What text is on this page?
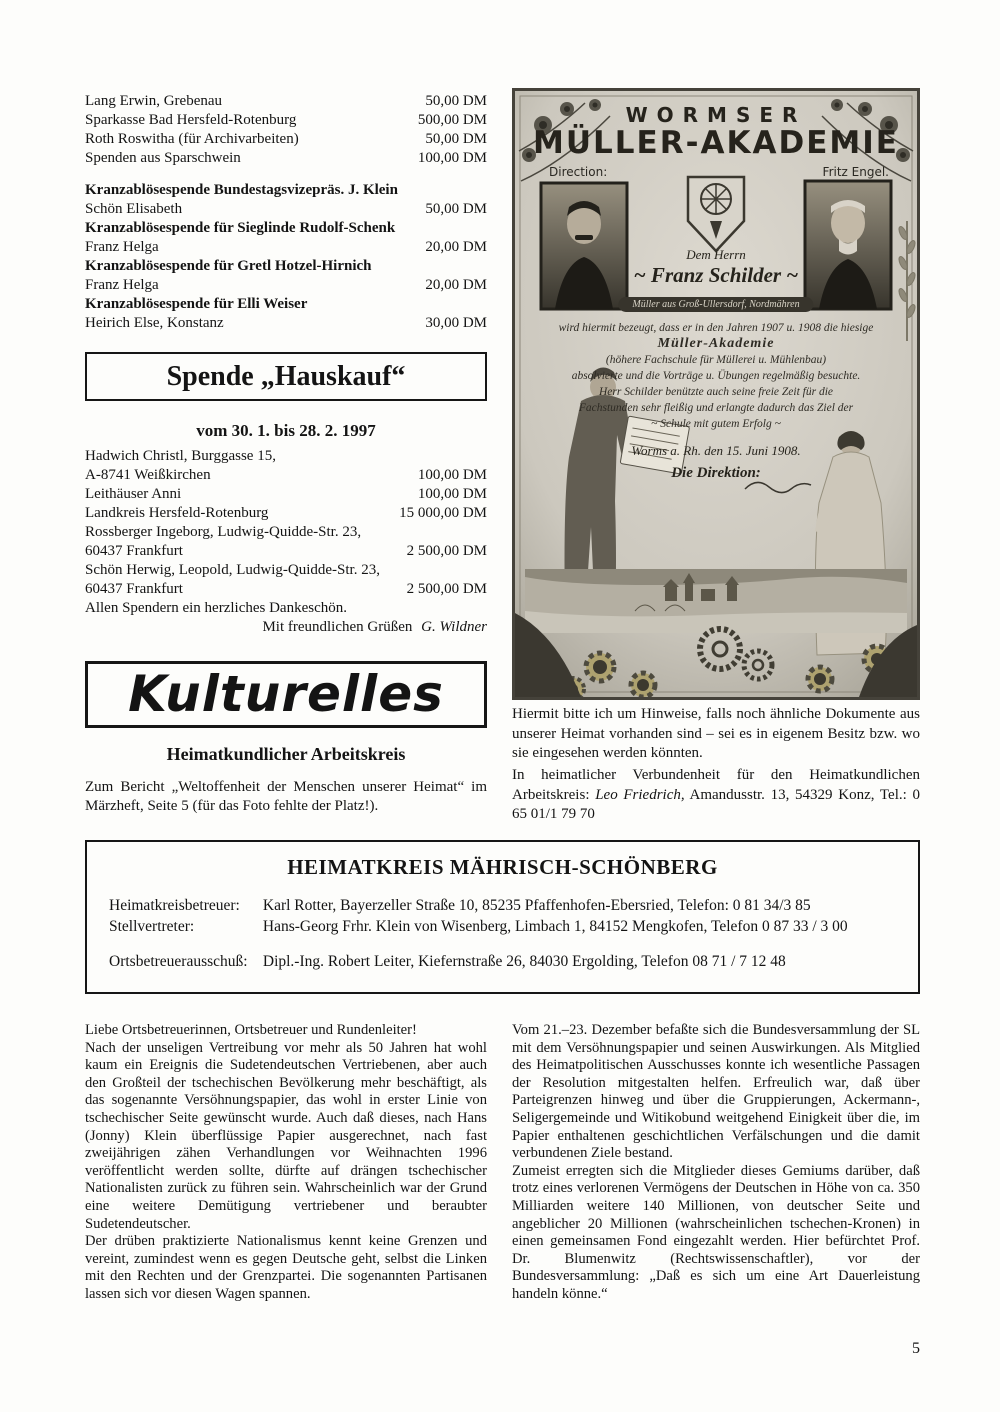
Lang Erwin, Grebenau	50,00 DM
Sparkasse Bad Hersfeld-Rotenburg	500,00 DM
Roth Roswitha (für Archivarbeiten)	50,00 DM
Spenden aus Sparschwein	100,00 DM
Kranzablösespende Bundestagsvizepräs. J. Klein
Schön Elisabeth	50,00 DM
Kranzablösespende für Sieglinde Rudolf-Schenk
Franz Helga	20,00 DM
Kranzablösespende für Gretl Hotzel-Hirnich
Franz Helga	20,00 DM
Kranzablösespende für Elli Weiser
Heirich Else, Konstanz	30,00 DM
Spende „Hauskauf“
vom 30. 1. bis 28. 2. 1997
Hadwich Christl, Burggasse 15,
A-8741 Weißkirchen	100,00 DM
Leithäuser Anni	100,00 DM
Landkreis Hersfeld-Rotenburg	15 000,00 DM
Rossberger Ingeborg, Ludwig-Quidde-Str. 23,
60437 Frankfurt	2 500,00 DM
Schön Herwig, Leopold, Ludwig-Quidde-Str. 23,
60437 Frankfurt	2 500,00 DM
Allen Spendern ein herzliches Dankeschön.
Mit freundlichen Grüßen G. Wildner
Kulturelles
Heimatkundlicher Arbeitskreis
Zum Bericht „Weltoffenheit der Menschen unserer Heimat“ im Märzheft, Seite 5 (für das Foto fehlte der Platz!).
WORMSER
MÜLLER-AKADEMIE
Direction:	Fritz Engel.
Dem Herrn
~ Franz Schilder ~
Müller aus Groß-Ullersdorf, Nordmähren
wird hiermit bezeugt, dass er in den Jahren 1907 u. 1908 die hiesige
Müller-Akademie
(höhere Fachschule für Müllerei u. Mühlenbau)
absolvierte und die Vorträge u. Übungen regelmäßig besuchte.
Herr Schilder benützte auch seine freie Zeit für die
Fachstunden sehr fleißig und erlangte dadurch das Ziel der
~ Schule mit gutem Erfolg ~
Worms a. Rh. den 15. Juni 1908.
Die Direktion:
Hiermit bitte ich um Hinweise, falls noch ähnliche Dokumente aus unserer Heimat vorhanden sind – sei es in eigenem Besitz bzw. wo sie eingesehen werden könnten.
In heimatlicher Verbundenheit für den Heimatkundlichen Arbeitskreis: Leo Friedrich, Amandusstr. 13, 54329 Konz, Tel.: 0 65 01/1 79 70
HEIMATKREIS MÄHRISCH-SCHÖNBERG
Heimatkreisbetreuer: Karl Rotter, Bayerzeller Straße 10, 85235 Pfaffenhofen-Ebersried, Telefon: 0 81 34/3 85
Stellvertreter:	Hans-Georg Frhr. Klein von Wisenberg, Limbach 1, 84152 Mengkofen, Telefon 0 87 33 / 3 00
Ortsbetreuerausschuß: Dipl.-Ing. Robert Leiter, Kiefernstraße 26, 84030 Ergolding, Telefon 08 71 / 7 12 48
Liebe Ortsbetreuerinnen, Ortsbetreuer und Rundenleiter!
Nach der unseligen Vertreibung vor mehr als 50 Jahren hat wohl kaum ein Ereignis die Sudetendeutschen Vertriebenen, aber auch den Großteil der tschechischen Bevölkerung mehr beschäftigt, als das sogenannte Versöhnungspapier, das wohl in erster Linie von tschechischer Seite gewünscht wurde. Auch daß dieses, nach Hans (Jonny) Klein überflüssige Papier ausgerechnet, nach fast zweijährigen zähen Verhandlungen vor Weihnachten 1996 veröffentlicht werden sollte, dürfte auf drängen tschechischer Nationalisten zurück zu führen sein. Wahrscheinlich war der Grund eine weitere Demütigung vertriebener und beraubter Sudetendeutscher.
Der drüben praktizierte Nationalismus kennt keine Grenzen und vereint, zumindest wenn es gegen Deutsche geht, selbst die Linken mit den Rechten und der Grenzpartei. Die sogenannten Partisanen lassen sich vor diesen Wagen spannen.
Vom 21.–23. Dezember befaßte sich die Bundesversammlung der SL mit dem Versöhnungspapier und seinen Auswirkungen. Als Mitglied des Heimatpolitischen Ausschusses konnte ich wesentliche Passagen der Resolution mitgestalten helfen. Erfreulich war, daß über Parteigrenzen hinweg und über die Gruppierungen, Ackermann-, Seligergemeinde und Witikobund weitgehend Einigkeit über die, im Papier enthaltenen geschichtlichen Verfälschungen und die damit verbundenen Ziele bestand.
Zumeist erregten sich die Mitglieder dieses Gemiums darüber, daß trotz eines verlorenen Vermögens der Deutschen in Höhe von ca. 350 Milliarden weitere 140 Millionen, von deutscher Seite und angeblicher 20 Millionen (wahrscheinlichen tschechen-Kronen) in einen gemeinsamen Fond eingezahlt werden. Hier befürchtet Prof. Dr. Blumenwitz (Rechtswissenschaftler), vor der Bundesversammlung: „Daß es sich um eine Art Dauerleistung handeln könne.“
5
